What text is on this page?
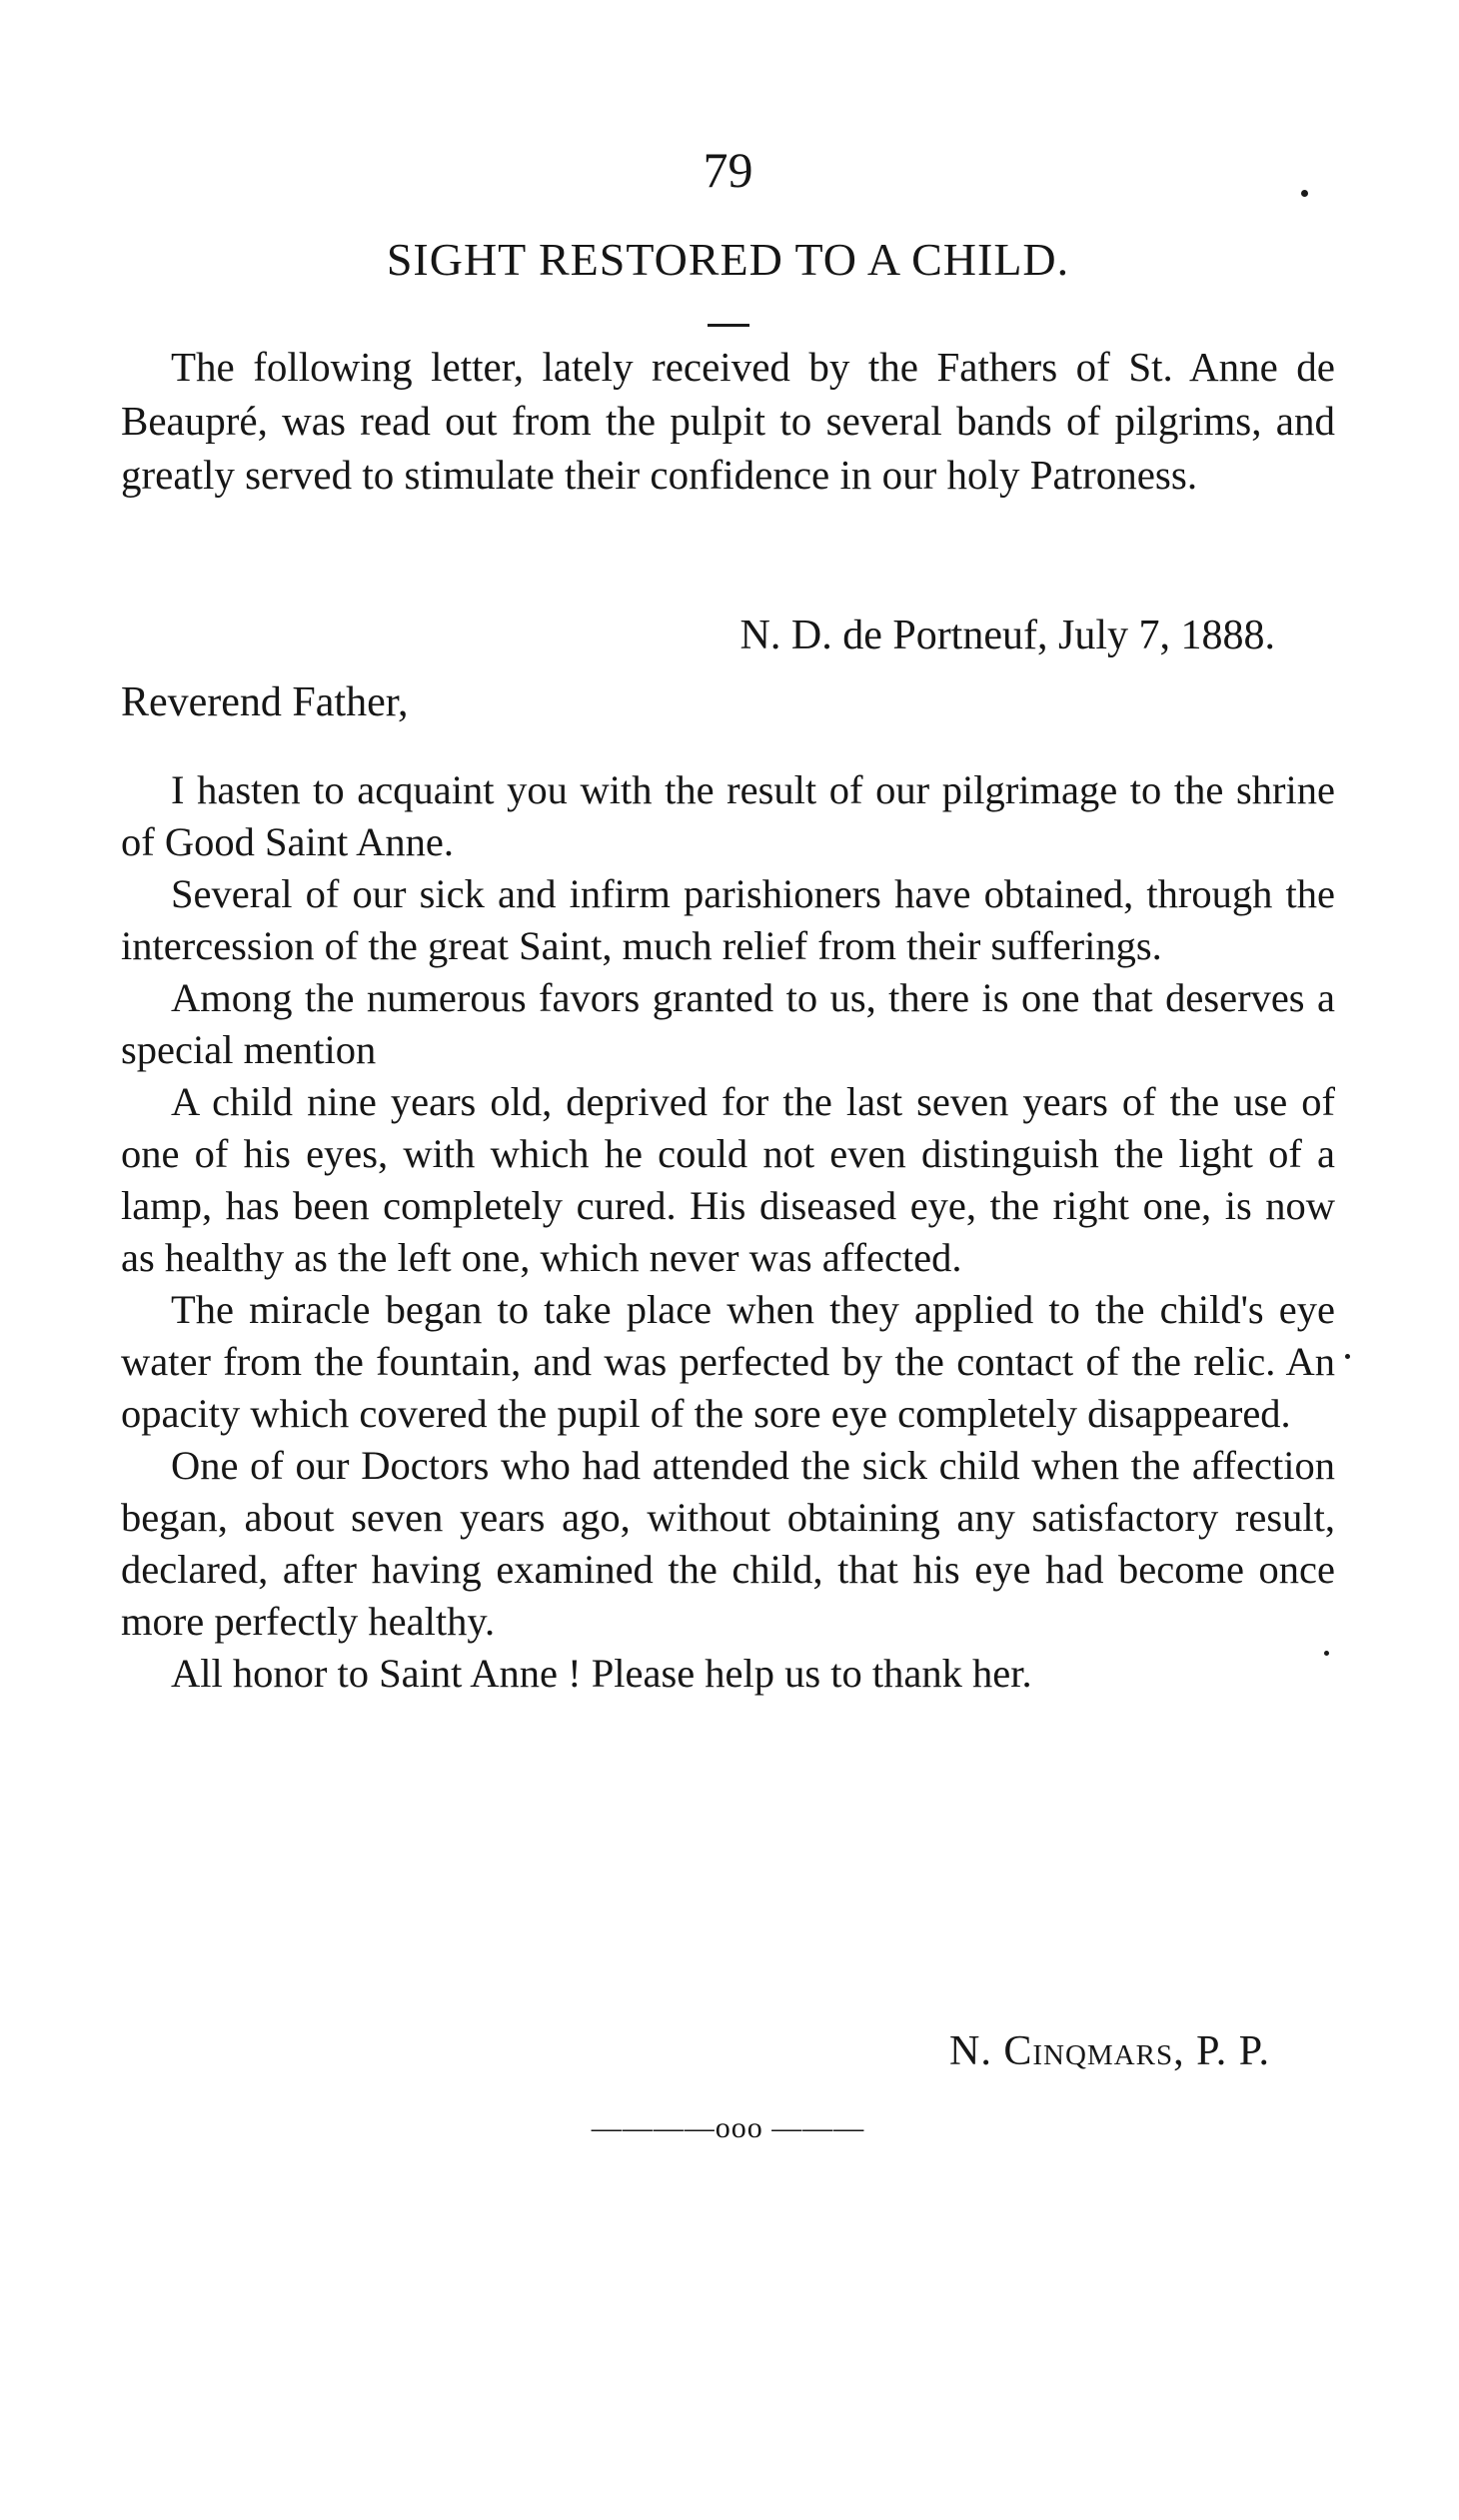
79
SIGHT RESTORED TO A CHILD.

The following letter, lately received by the Fathers of St. Anne de Beaupré, was read out from the pulpit to several bands of pilgrims, and greatly served to stimulate their confidence in our holy Patroness.

N. D. de Portneuf, July 7, 1888.
Reverend Father,

I hasten to acquaint you with the result of our pilgrimage to the shrine of Good Saint Anne.

Several of our sick and infirm parishioners have obtained, through the intercession of the great Saint, much relief from their sufferings.

Among the numerous favors granted to us, there is one that deserves a special mention

A child nine years old, deprived for the last seven years of the use of one of his eyes, with which he could not even distinguish the light of a lamp, has been completely cured. His diseased eye, the right one, is now as healthy as the left one, which never was affected.

The miracle began to take place when they applied to the child's eye water from the fountain, and was perfected by the contact of the relic. An opacity which covered the pupil of the sore eye completely disappeared.

One of our Doctors who had attended the sick child when the affection began, about seven years ago, without obtaining any satisfactory result, declared, after having examined the child, that his eye had become once more perfectly healthy.

All honor to Saint Anne ! Please help us to thank her.

N. Cinqmars, P. P.
————ooo ———
